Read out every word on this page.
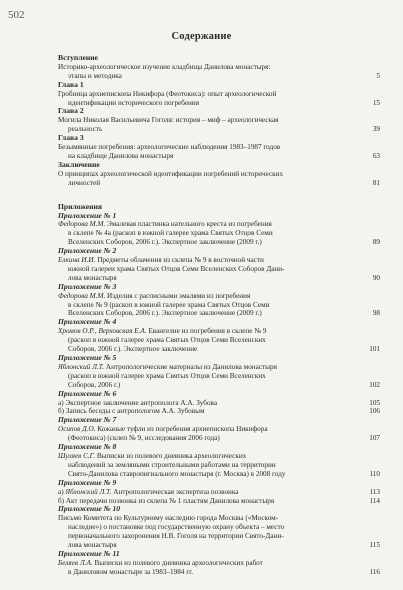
502
Содержание
Вступление
Историко-археологическое изучение кладбища Данилова монастыря:
этапы и методика	5
Глава 1
Гробница архиепископа Никифора (Феотокиса): опыт археологической
идентификации исторического погребения	15
Глава 2
Могила Николая Васильевича Гоголя: история – миф – археологическая
реальность	39
Глава 3
Безымянные погребения: археологические наблюдения 1983–1987 годов
на кладбище Данилова монастыря	63
Заключение
О принципах археологической идентификации погребений исторических
личностей	81
Приложения
Приложение № 1
Федорова М.М. Эмалевая пластинка нательного креста из погребения
в склепе № 4а (раскоп в южной галерее храма Святых Отцов Семи
Вселенских Соборов, 2006 г.). Экспертное заключение (2009 г.)	89
Приложение № 2
Елкина И.И. Предметы облачения из склепа № 9 в восточной части
южной галереи храма Святых Отцов Семи Вселенских Соборов Дани-
лова монастыря	90
Приложение № 3
Федорова М.М. Изделия с расписными эмалями из погребения
в склепе № 9 (раскоп в южной галерее храма Святых Отцов Семи
Вселенских Соборов, 2006 г.). Экспертное заключение (2009 г.)	98
Приложение № 4
Хромов О.Р., Верховская Е.А. Евангелие из погребения в склепе № 9
(раскоп в южной галерее храма Святых Отцов Семи Вселенских
Соборов, 2006 г.). Экспертное заключение	101
Приложение № 5
Яблонский Л.Т. Антропологические материалы из Данилова монастыря
(раскоп в южной галерее храма Святых Отцов Семи Вселенских
Соборов, 2006 г.)	102
Приложение № 6
а) Экспертное заключение антрополога А.А. Зубова	105
б) Запись беседы с антропологом А.А. Зубовым	106
Приложение № 7
Осипов Д.О. Кожаные туфли из погребения архиепископа Никифора
(Феотокиса) (склеп № 9, исследования 2006 года)	107
Приложение № 8
Шуляев С.Г. Выписки из полевого дневника археологических
наблюдений за земляными строительными работами на территории
Свято-Даниловa ставропигиального монастыря (г. Москва) в 2008 году	110
Приложение № 9
а) Яблонский Л.Т. Антропологическая экспертиза позвонка	113
б) Акт передачи позвонка из склепа № 1 пластям Данилова монастыря	114
Приложение № 10
Письмо Комитета по Культурному наследию города Москвы («Моском-
наследие») о постановке под государственную охрану объекта – место
первоначального захоронения Н.В. Гоголя на территории Свято-Дани-
лова монастыря	115
Приложение № 11
Беляев Л.А. Выписки из полевого дневника археологических работ
в Даниловом монастыре за 1983–1984 гг.	116
